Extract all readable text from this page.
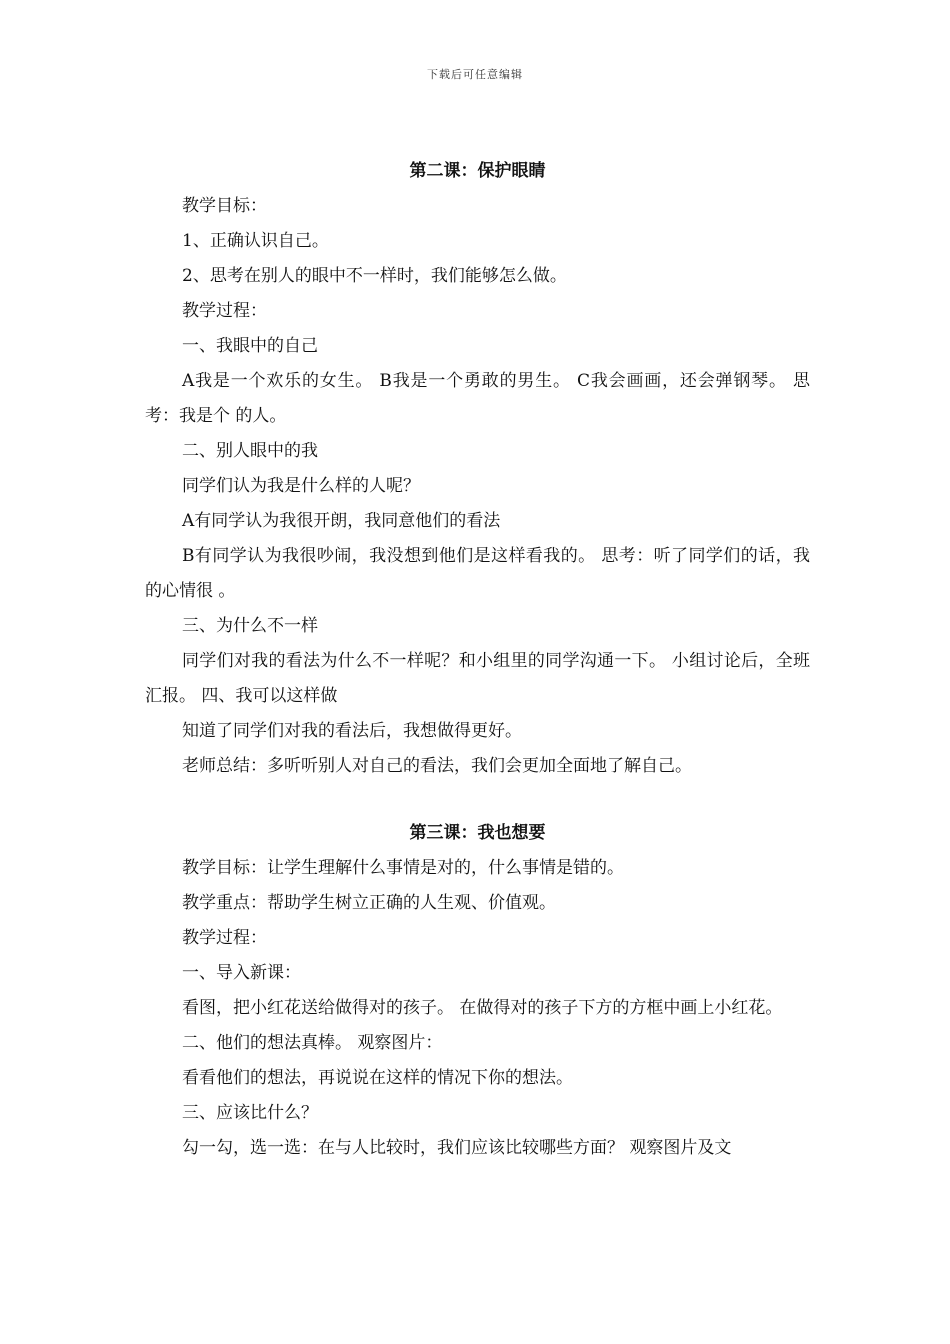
下载后可任意编辑
第二课：保护眼睛

教学目标：

1、正确认识自己。

2、思考在别人的眼中不一样时，我们能够怎么做。

教学过程：

一、我眼中的自己

A我是一个欢乐的女生。 B我是一个勇敢的男生。 C我会画画，还会弹钢琴。 思考：我是个 的人。

二、别人眼中的我

同学们认为我是什么样的人呢？

A有同学认为我很开朗，我同意他们的看法

B有同学认为我很吵闹，我没想到他们是这样看我的。 思考：听了同学们的话，我的心情很 。

三、为什么不一样

同学们对我的看法为什么不一样呢？和小组里的同学沟通一下。 小组讨论后，全班汇报。 四、我可以这样做

知道了同学们对我的看法后，我想做得更好。

老师总结：多听听别人对自己的看法，我们会更加全面地了解自己。

第三课：我也想要

教学目标：让学生理解什么事情是对的，什么事情是错的。

教学重点：帮助学生树立正确的人生观、价值观。

教学过程：

一、导入新课：

看图，把小红花送给做得对的孩子。 在做得对的孩子下方的方框中画上小红花。

二、他们的想法真棒。 观察图片：

看看他们的想法，再说说在这样的情况下你的想法。

三、应该比什么？

勾一勾，选一选：在与人比较时，我们应该比较哪些方面？ 观察图片及文
